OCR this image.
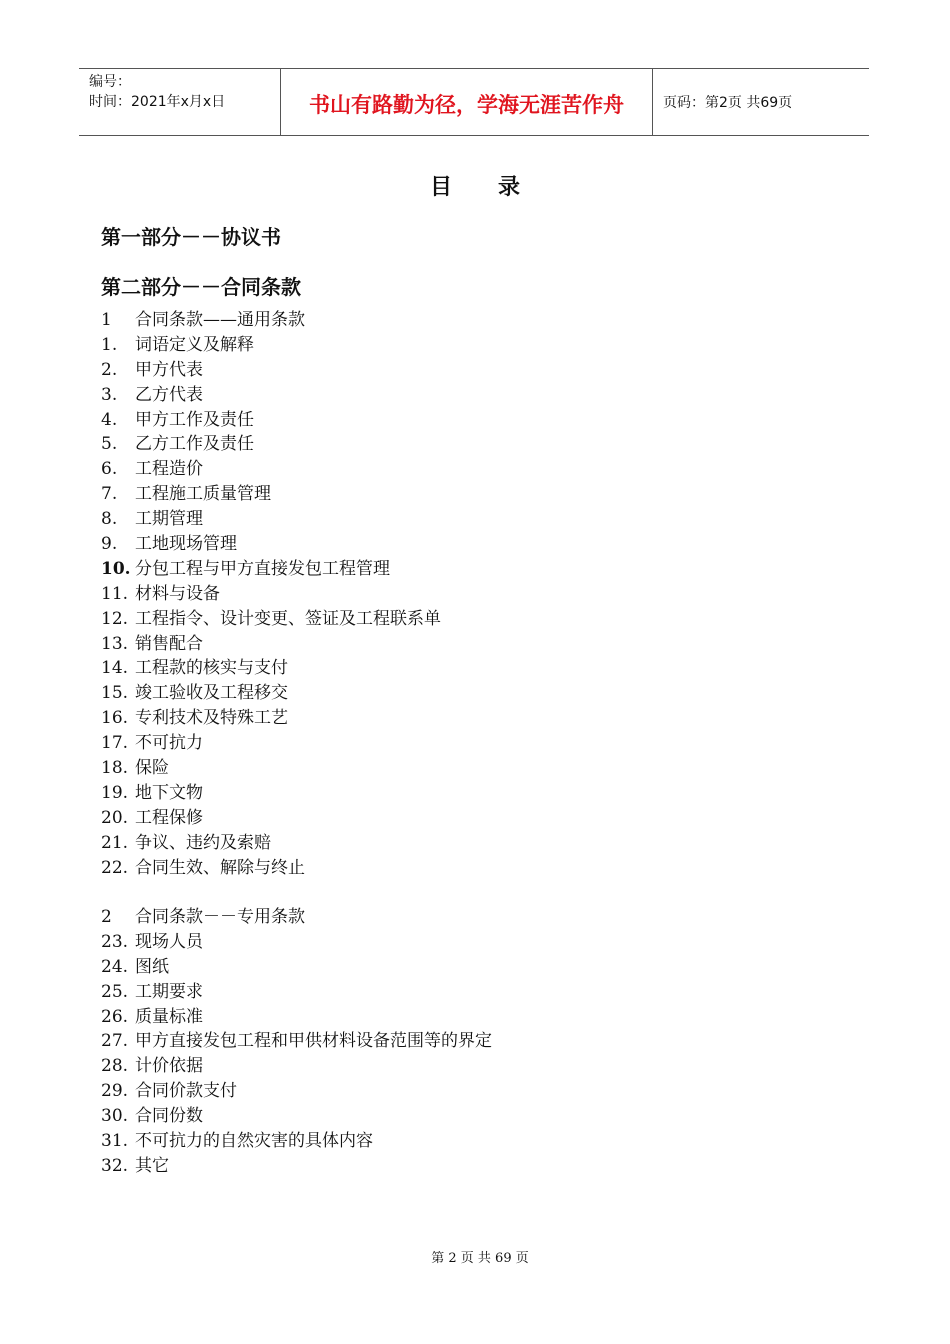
编号：
时间：2021年x月x日	书山有路勤为径，学海无涯苦作舟	页码：第2页 共69页
目录
第一部分－－协议书
第二部分－－合同条款
1	合同条款——通用条款
1.	词语定义及解释
2.	甲方代表
3.	乙方代表
4.	甲方工作及责任
5.	乙方工作及责任
6.	工程造价
7.	工程施工质量管理
8.	工期管理
9.	工地现场管理
10. 分包工程与甲方直接发包工程管理
11. 材料与设备
12. 工程指令、设计变更、签证及工程联系单
13. 销售配合
14. 工程款的核实与支付
15. 竣工验收及工程移交
16. 专利技术及特殊工艺
17. 不可抗力
18. 保险
19. 地下文物
20. 工程保修
21. 争议、违约及索赔
22. 合同生效、解除与终止
2	合同条款－－专用条款
23. 现场人员
24. 图纸
25. 工期要求
26. 质量标准
27. 甲方直接发包工程和甲供材料设备范围等的界定
28. 计价依据
29. 合同价款支付
30. 合同份数
31. 不可抗力的自然灾害的具体内容
32. 其它
第 2 页 共 69 页
